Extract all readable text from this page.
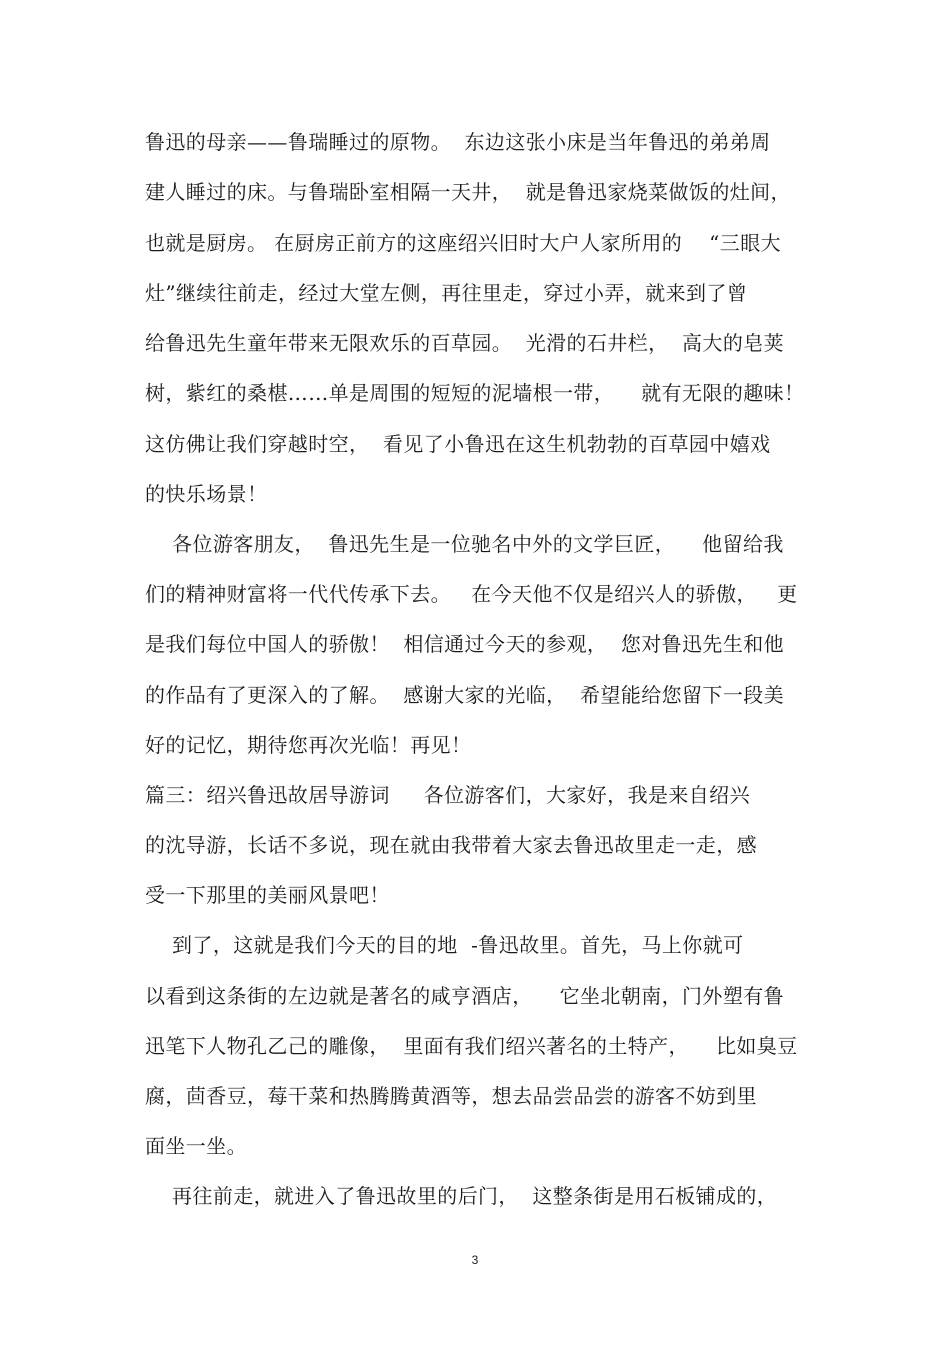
鲁迅的母亲——鲁瑞睡过的原物。  东边这张小床是当年鲁迅的弟弟周
建人睡过的床。与鲁瑞卧室相隔一天井，  就是鲁迅家烧菜做饭的灶间，
也就是厨房。 在厨房正前方的这座绍兴旧时大户人家所用的    “三眼大
灶”继续往前走，经过大堂左侧，再往里走，穿过小弄，就来到了曾
给鲁迅先生童年带来无限欢乐的百草园。  光滑的石井栏，  高大的皂荚
树，紫红的桑椹……单是周围的短短的泥墙根一带，    就有无限的趣味！
这仿佛让我们穿越时空，  看见了小鲁迅在这生机勃勃的百草园中嬉戏
的快乐场景！
各位游客朋友，  鲁迅先生是一位驰名中外的文学巨匠，    他留给我
们的精神财富将一代代传承下去。   在今天他不仅是绍兴人的骄傲，   更
是我们每位中国人的骄傲！  相信通过今天的参观，  您对鲁迅先生和他
的作品有了更深入的了解。  感谢大家的光临，  希望能给您留下一段美
好的记忆，期待您再次光临！再见！
篇三：绍兴鲁迅故居导游词     各位游客们，大家好，我是来自绍兴
的沈导游，长话不多说，现在就由我带着大家去鲁迅故里走一走，感
受一下那里的美丽风景吧！
到了，这就是我们今天的目的地  -鲁迅故里。首先，马上你就可
以看到这条街的左边就是著名的咸亨酒店，    它坐北朝南，门外塑有鲁
迅笔下人物孔乙己的雕像，  里面有我们绍兴著名的土特产，    比如臭豆
腐，茴香豆，莓干菜和热腾腾黄酒等，想去品尝品尝的游客不妨到里
面坐一坐。
再往前走，就进入了鲁迅故里的后门，  这整条街是用石板铺成的，
3
